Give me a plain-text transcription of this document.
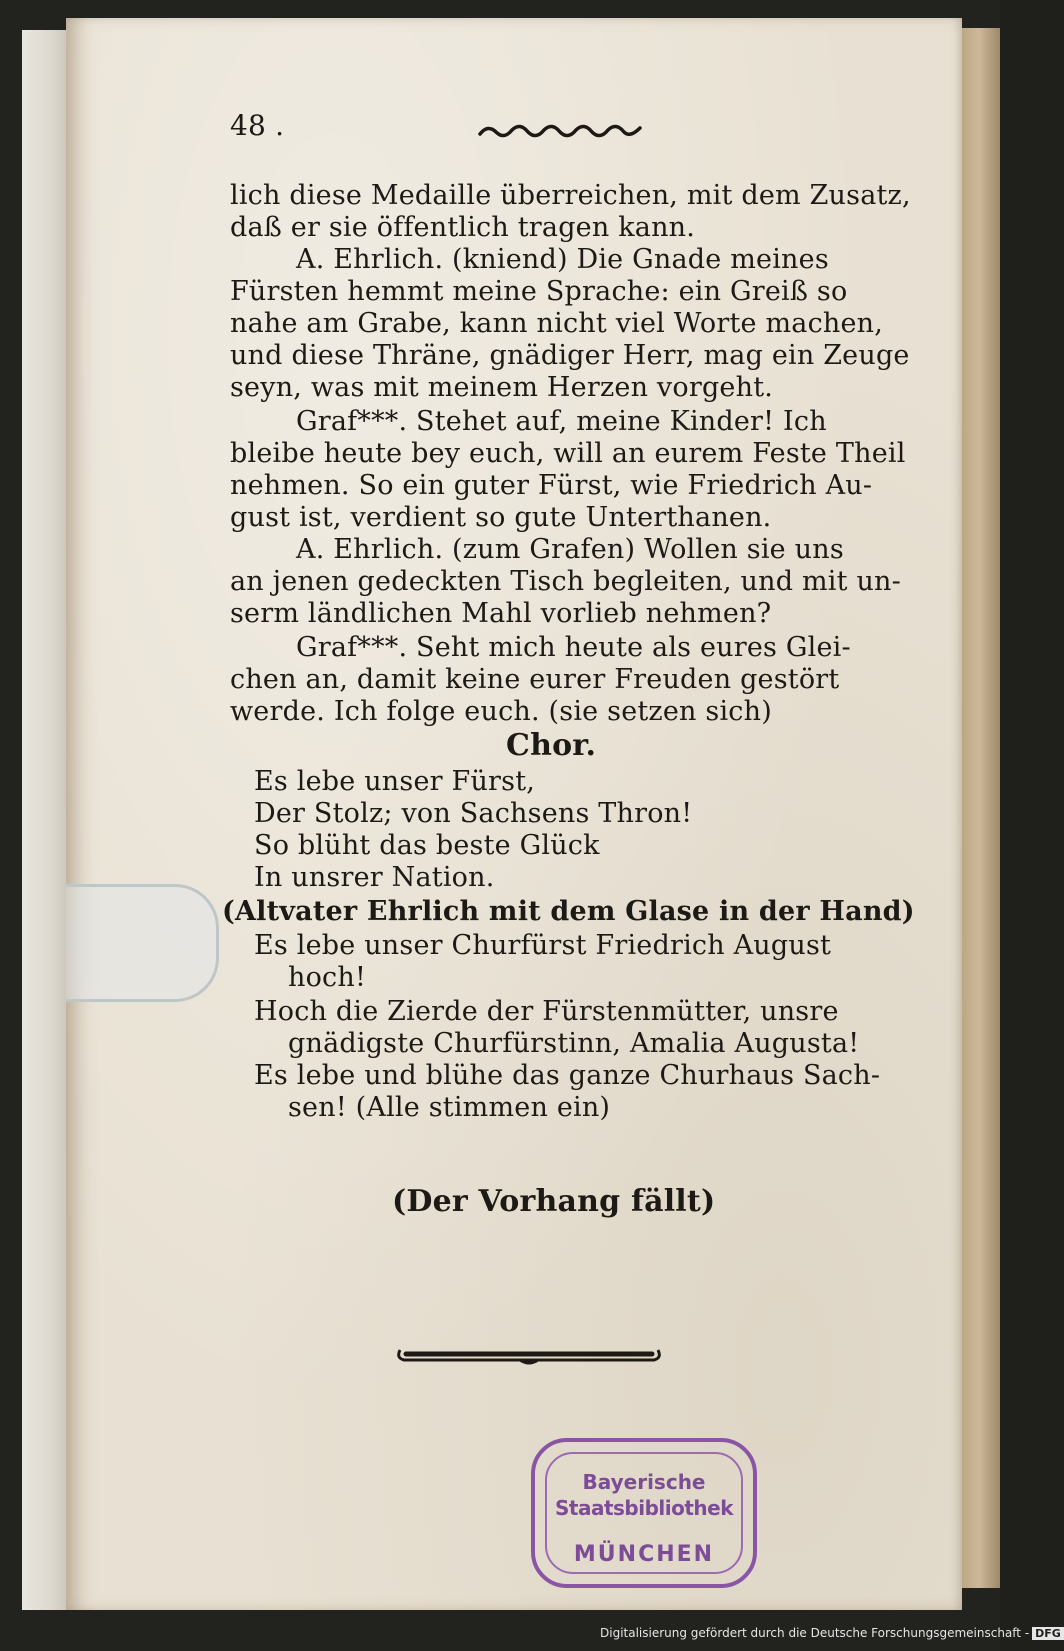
48 .
lich diese Medaille überreichen, mit dem Zusatz,
daß er sie öffentlich tragen kann.
A. Ehrlich. (kniend) Die Gnade meines
Fürsten hemmt meine Sprache: ein Greiß so
nahe am Grabe, kann nicht viel Worte machen,
und diese Thräne, gnädiger Herr, mag ein Zeuge
seyn, was mit meinem Herzen vorgeht.
Graf***. Stehet auf, meine Kinder! Ich
bleibe heute bey euch, will an eurem Feste Theil
nehmen. So ein guter Fürst, wie Friedrich Au-
gust ist, verdient so gute Unterthanen.
A. Ehrlich. (zum Grafen) Wollen sie uns
an jenen gedeckten Tisch begleiten, und mit un-
serm ländlichen Mahl vorlieb nehmen?
Graf***. Seht mich heute als eures Glei-
chen an, damit keine eurer Freuden gestört
werde. Ich folge euch. (sie setzen sich)
Chor.
Es lebe unser Fürst,
Der Stolz; von Sachsens Thron!
So blüht das beste Glück
In unsrer Nation.
(Altvater Ehrlich mit dem Glase in der Hand)
Es lebe unser Churfürst Friedrich August
hoch!
Hoch die Zierde der Fürstenmütter, unsre
gnädigste Churfürstinn, Amalia Augusta!
Es lebe und blühe das ganze Churhaus Sach-
sen! (Alle stimmen ein)
(Der Vorhang fällt)
Bayerische
Staatsbibliothek
MÜNCHEN
Digitalisierung gefördert durch die Deutsche Forschungsgemeinschaft - DFG
